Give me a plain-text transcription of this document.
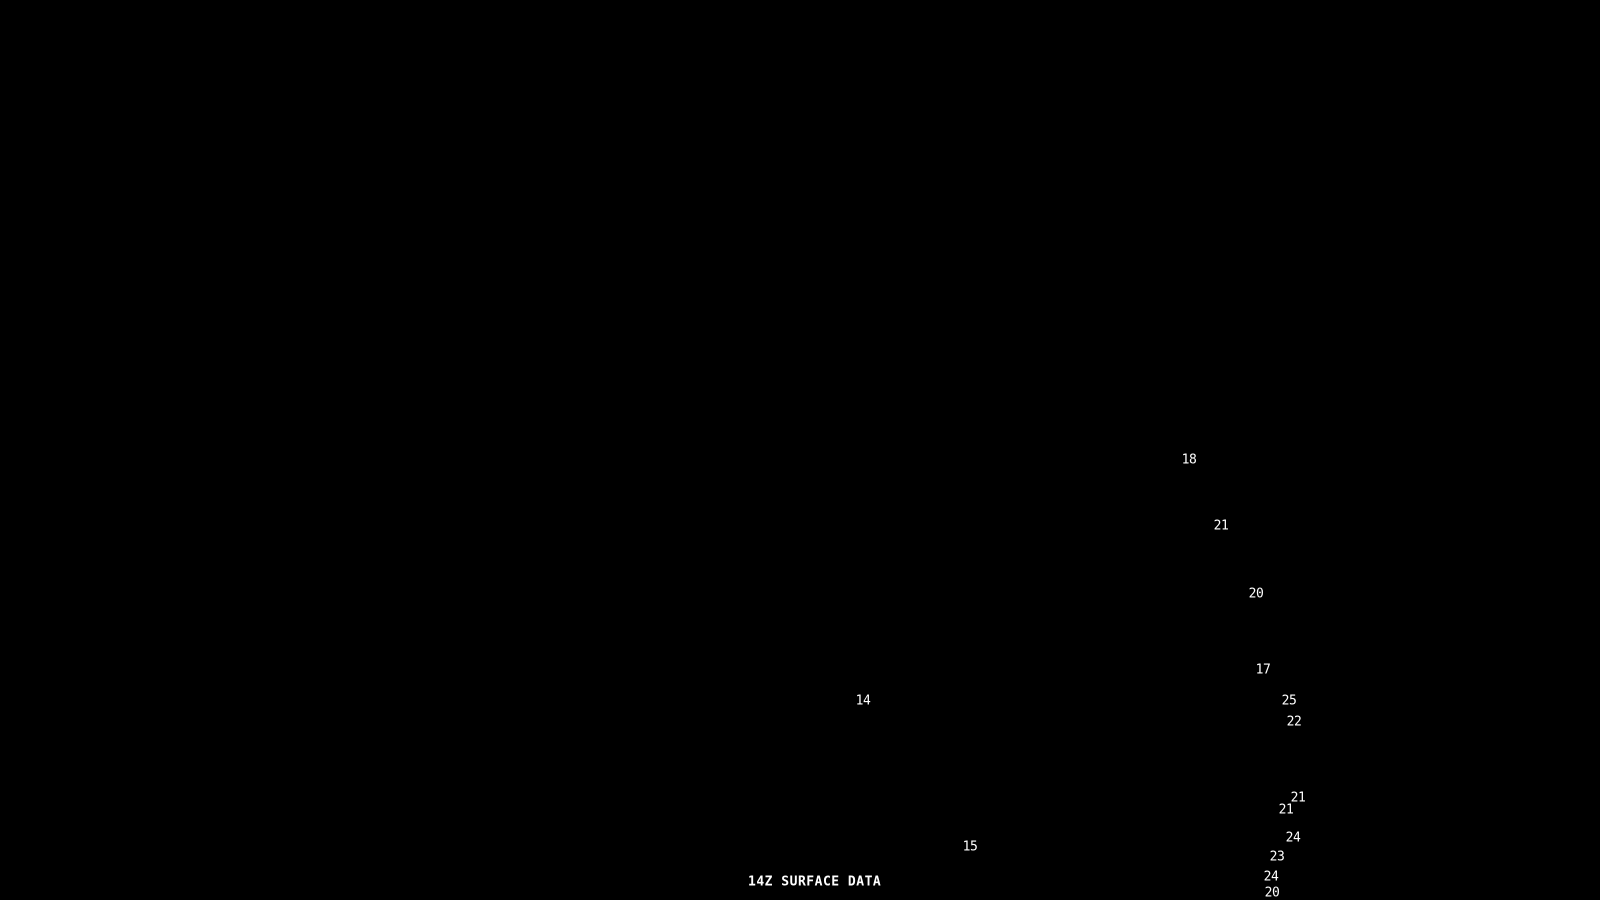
14Z SURFACE DATA
18
21
20
17
25
22
14
21
21
24
23
24
20
15
